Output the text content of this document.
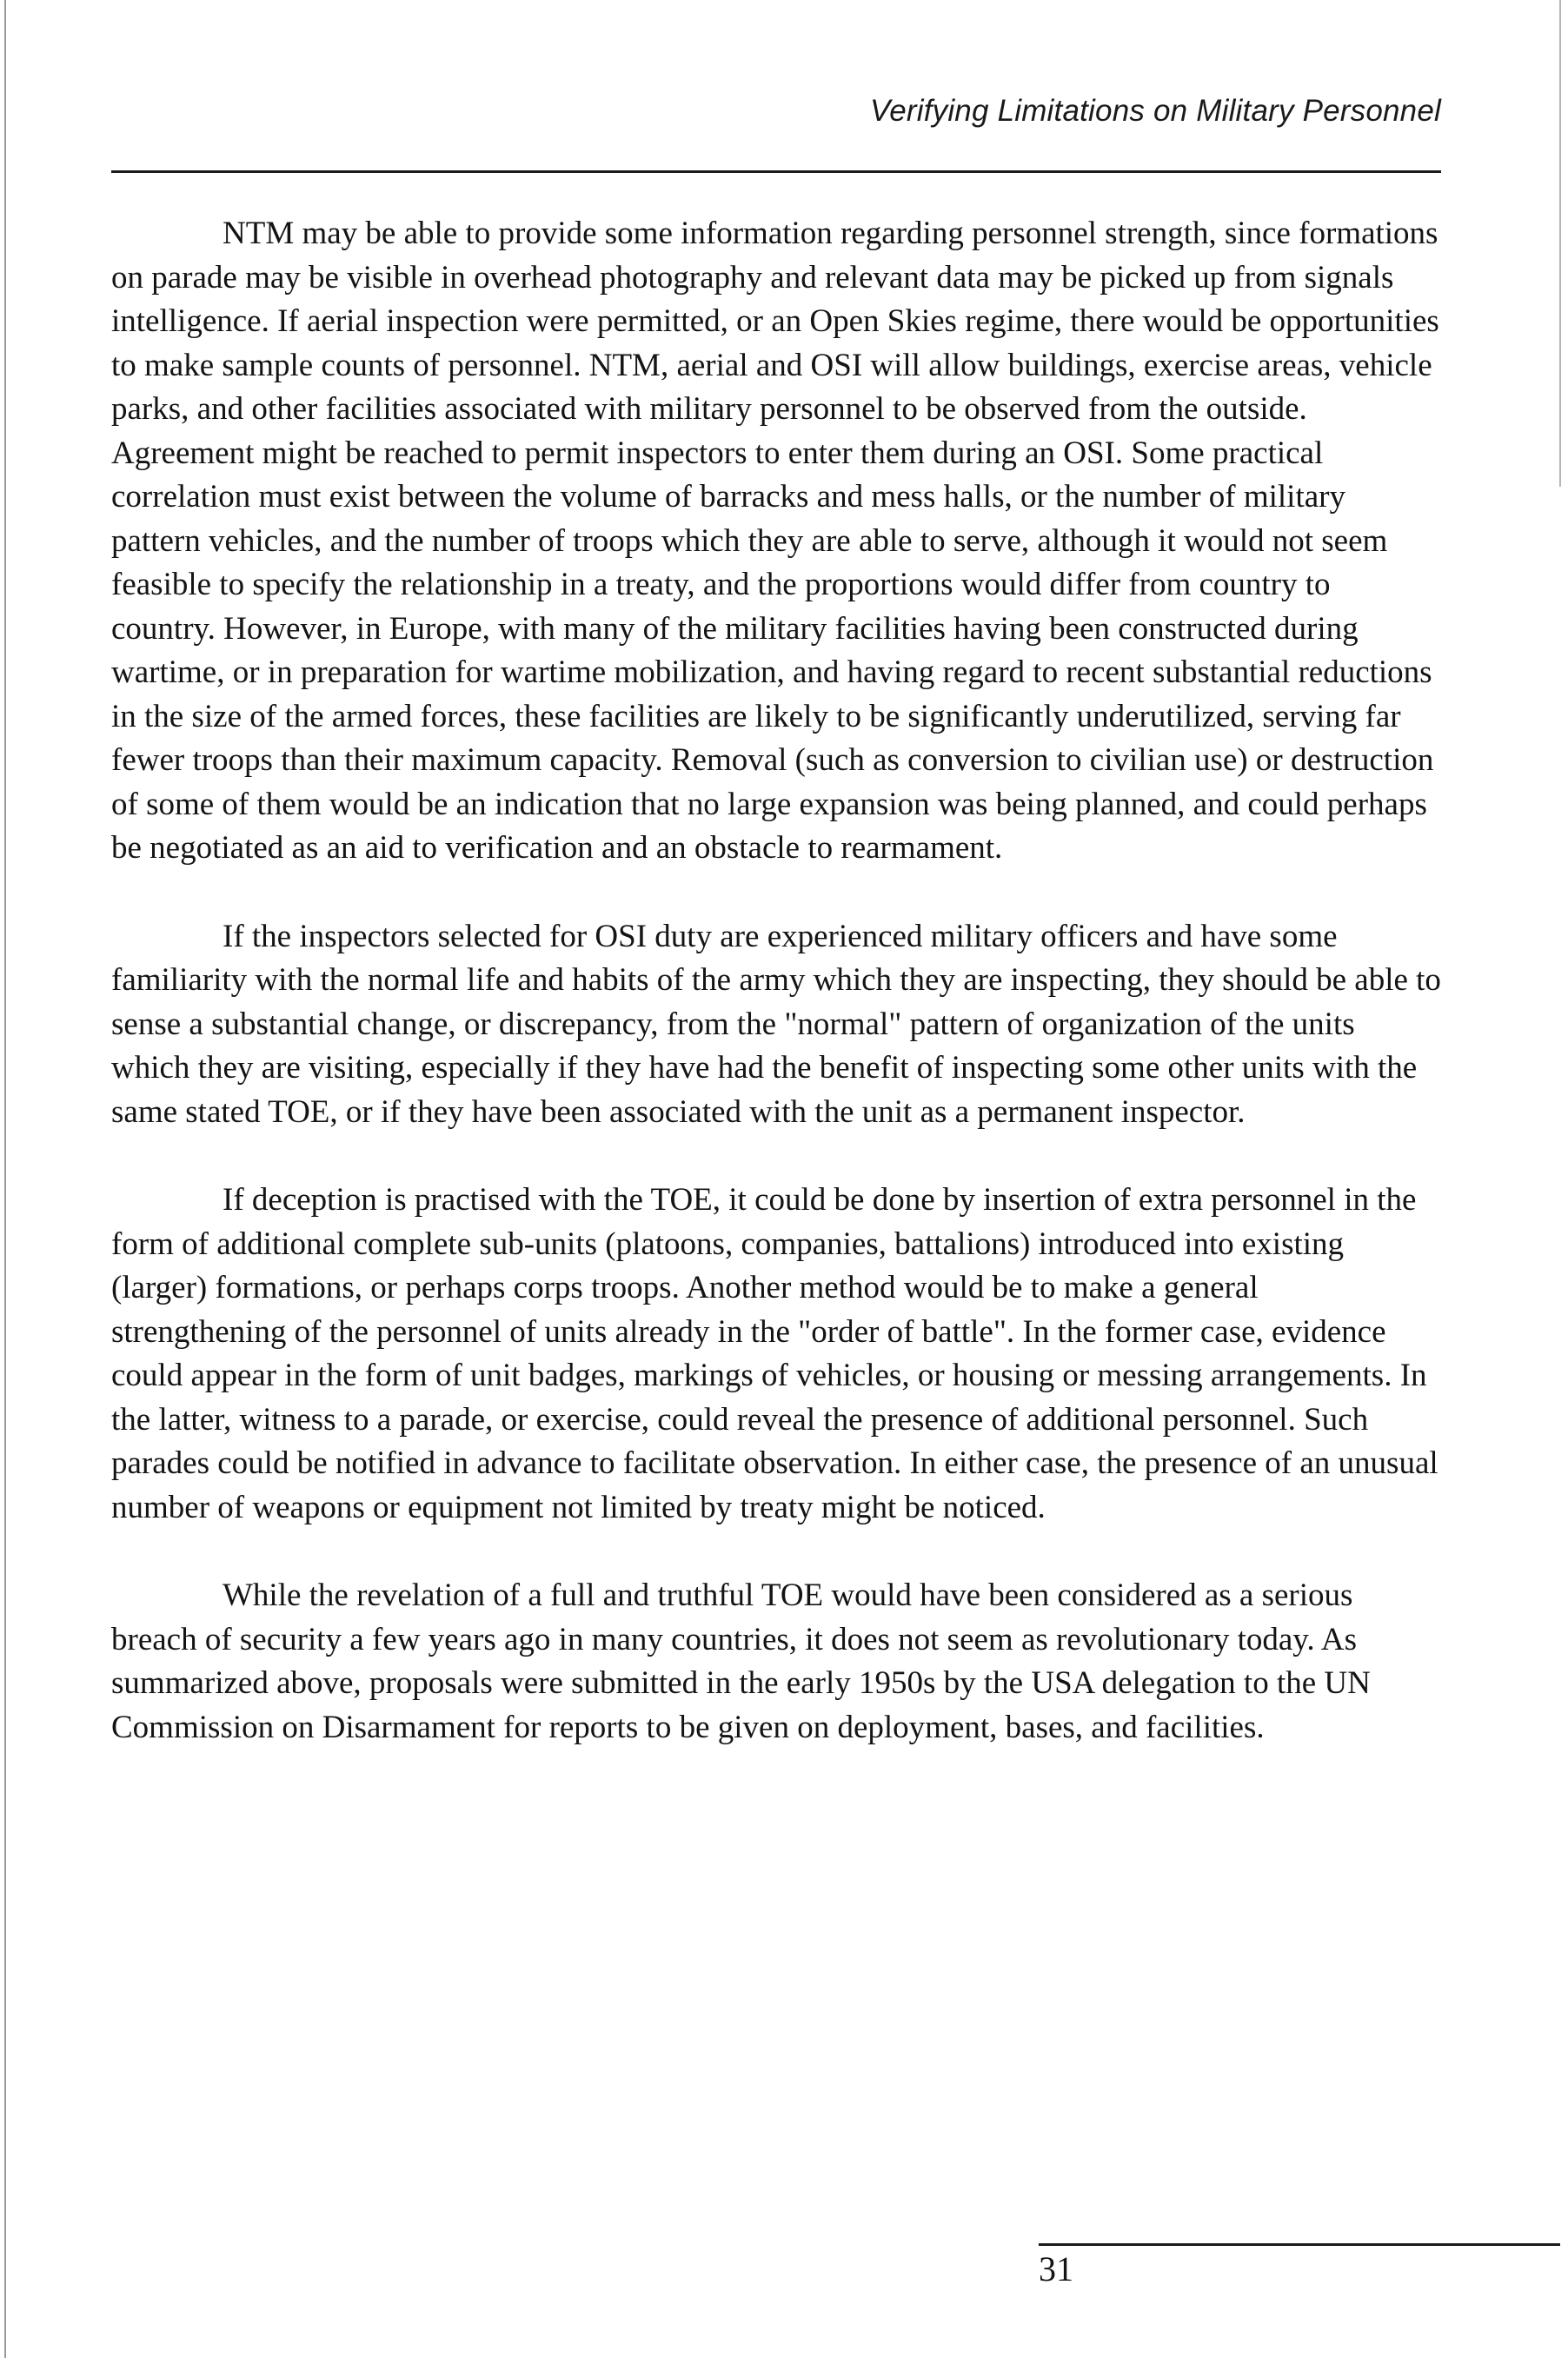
Verifying Limitations on Military Personnel

NTM may be able to provide some information regarding personnel strength, since formations on parade may be visible in overhead photography and relevant data may be picked up from signals intelligence. If aerial inspection were permitted, or an Open Skies regime, there would be opportunities to make sample counts of personnel. NTM, aerial and OSI will allow buildings, exercise areas, vehicle parks, and other facilities associated with military personnel to be observed from the outside. Agreement might be reached to permit inspectors to enter them during an OSI. Some practical correlation must exist between the volume of barracks and mess halls, or the number of military pattern vehicles, and the number of troops which they are able to serve, although it would not seem feasible to specify the relationship in a treaty, and the proportions would differ from country to country. However, in Europe, with many of the military facilities having been constructed during wartime, or in preparation for wartime mobilization, and having regard to recent substantial reductions in the size of the armed forces, these facilities are likely to be significantly underutilized, serving far fewer troops than their maximum capacity. Removal (such as conversion to civilian use) or destruction of some of them would be an indication that no large expansion was being planned, and could perhaps be negotiated as an aid to verification and an obstacle to rearmament.

If the inspectors selected for OSI duty are experienced military officers and have some familiarity with the normal life and habits of the army which they are inspecting, they should be able to sense a substantial change, or discrepancy, from the "normal" pattern of organization of the units which they are visiting, especially if they have had the benefit of inspecting some other units with the same stated TOE, or if they have been associated with the unit as a permanent inspector.

If deception is practised with the TOE, it could be done by insertion of extra personnel in the form of additional complete sub-units (platoons, companies, battalions) introduced into existing (larger) formations, or perhaps corps troops. Another method would be to make a general strengthening of the personnel of units already in the "order of battle". In the former case, evidence could appear in the form of unit badges, markings of vehicles, or housing or messing arrangements. In the latter, witness to a parade, or exercise, could reveal the presence of additional personnel. Such parades could be notified in advance to facilitate observation. In either case, the presence of an unusual number of weapons or equipment not limited by treaty might be noticed.

While the revelation of a full and truthful TOE would have been considered as a serious breach of security a few years ago in many countries, it does not seem as revolutionary today. As summarized above, proposals were submitted in the early 1950s by the USA delegation to the UN Commission on Disarmament for reports to be given on deployment, bases, and facilities.

31
